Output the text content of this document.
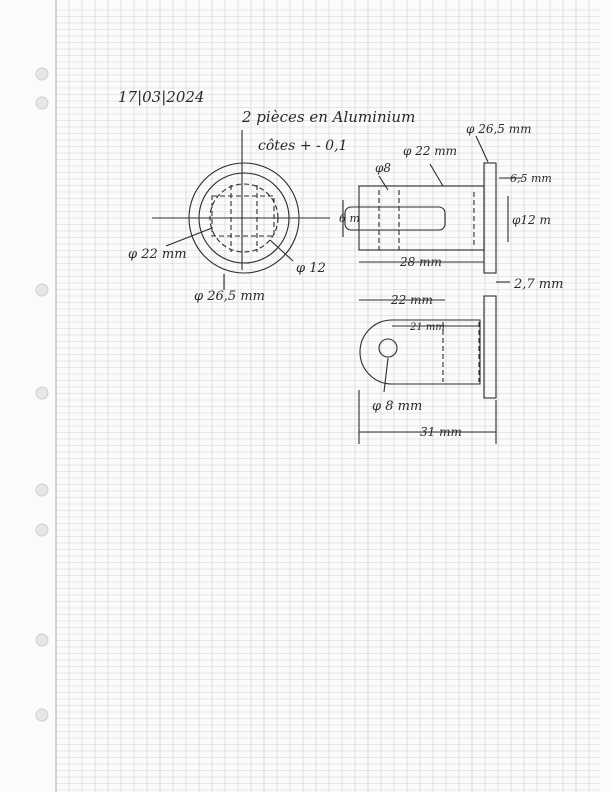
17|03|2024
2 pièces en Aluminium
côtes + - 0,1
φ 22 mm
φ 12
φ 26,5 mm
φ8
φ 22 mm
φ 26,5 mm
6 m
6,5 mm
φ12 m
28 mm
2,7 mm
22 mm
21 mm
φ 8 mm
31 mm
